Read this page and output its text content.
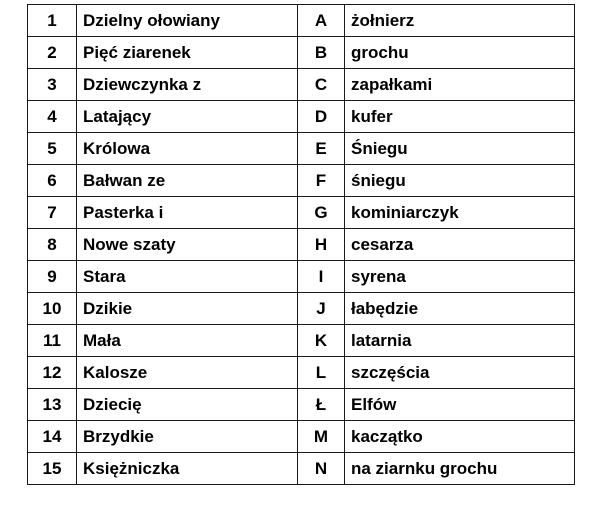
1	Dzielny ołowiany	A	żołnierz
2	Pięć ziarenek	B	grochu
3	Dziewczynka z	C	zapałkami
4	Latający	D	kufer
5	Królowa	E	Śniegu
6	Bałwan ze	F	śniegu
7	Pasterka i	G	kominiarczyk
8	Nowe szaty	H	cesarza
9	Stara	I	syrena
10	Dzikie	J	łabędzie
11	Mała	K	latarnia
12	Kalosze	L	szczęścia
13	Dziecię	Ł	Elfów
14	Brzydkie	M	kaczątko
15	Księżniczka	N	na ziarnku grochu
